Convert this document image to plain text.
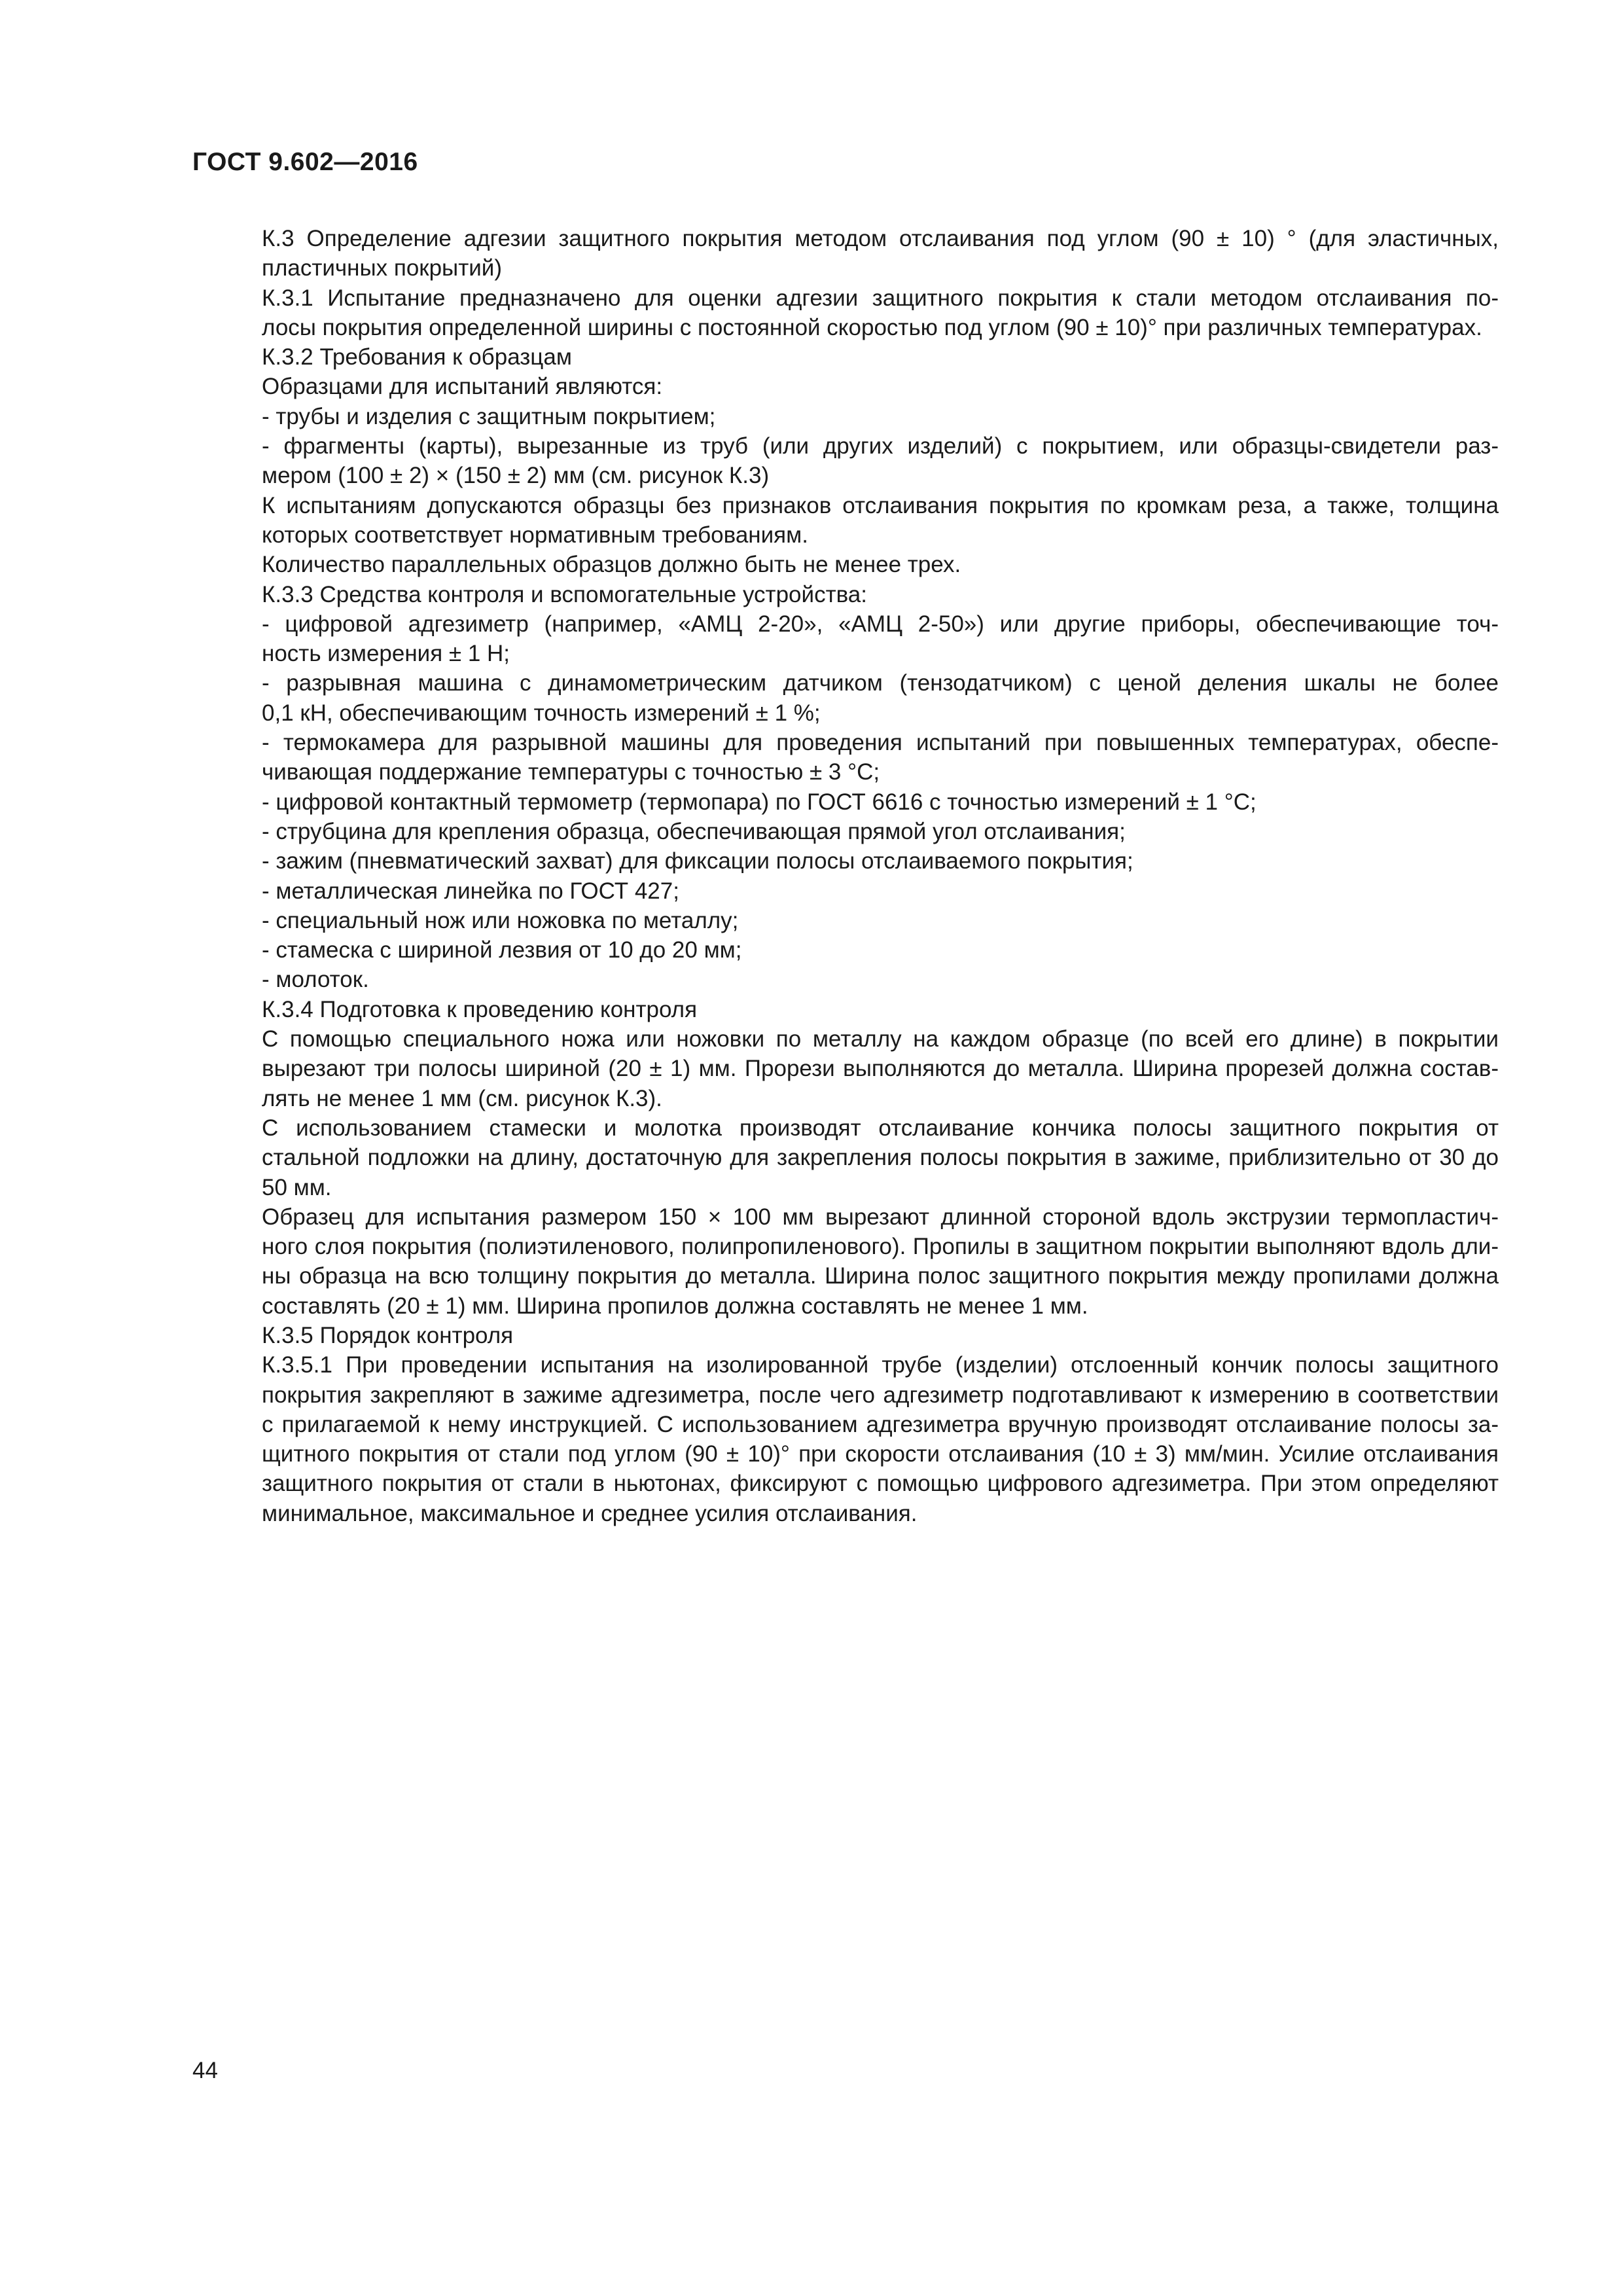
ГОСТ 9.602—2016

К.3 Определение адгезии защитного покрытия методом отслаивания под углом (90 ± 10) ° (для эластичных,
пластичных покрытий)

К.3.1 Испытание предназначено для оценки адгезии защитного покрытия к стали методом отслаивания по-
лосы покрытия определенной ширины с постоянной скоростью под углом (90 ± 10)° при различных температурах.

К.3.2 Требования к образцам

Образцами для испытаний являются:

- трубы и изделия с защитным покрытием;

- фрагменты (карты), вырезанные из труб (или других изделий) с покрытием, или образцы-свидетели раз-
мером (100 ± 2) × (150 ± 2) мм (см. рисунок К.3)

К испытаниям допускаются образцы без признаков отслаивания покрытия по кромкам реза, а также, толщина
которых соответствует нормативным требованиям.

Количество параллельных образцов должно быть не менее трех.

К.3.3 Средства контроля и вспомогательные устройства:

- цифровой адгезиметр (например, «АМЦ 2-20», «АМЦ 2-50») или другие приборы, обеспечивающие точ-
ность измерения ± 1 Н;

- разрывная машина с динамометрическим датчиком (тензодатчиком) с ценой деления шкалы не более
0,1 кН, обеспечивающим точность измерений ± 1 %;

- термокамера для разрывной машины для проведения испытаний при повышенных температурах, обеспе-
чивающая поддержание температуры с точностью ± 3 °С;

- цифровой контактный термометр (термопара) по ГОСТ 6616 с точностью измерений ± 1 °С;

- струбцина для крепления образца, обеспечивающая прямой угол отслаивания;

- зажим (пневматический захват) для фиксации полосы отслаиваемого покрытия;

- металлическая линейка по ГОСТ 427;

- специальный нож или ножовка по металлу;

- стамеска с шириной лезвия от 10 до 20 мм;

- молоток.

К.3.4 Подготовка к проведению контроля

С помощью специального ножа или ножовки по металлу на каждом образце (по всей его длине) в покрытии
вырезают три полосы шириной (20 ± 1) мм. Прорези выполняются до металла. Ширина прорезей должна состав-
лять не менее 1 мм (см. рисунок К.3).

С использованием стамески и молотка производят отслаивание кончика полосы защитного покрытия от
стальной подложки на длину, достаточную для закрепления полосы покрытия в зажиме, приблизительно от 30 до
50 мм.

Образец для испытания размером 150 × 100 мм вырезают длинной стороной вдоль экструзии термопластич-
ного слоя покрытия (полиэтиленового, полипропиленового). Пропилы в защитном покрытии выполняют вдоль дли-
ны образца на всю толщину покрытия до металла. Ширина полос защитного покрытия между пропилами должна
составлять (20 ± 1) мм. Ширина пропилов должна составлять не менее 1 мм.

К.3.5 Порядок контроля

К.3.5.1 При проведении испытания на изолированной трубе (изделии) отслоенный кончик полосы защитного
покрытия закрепляют в зажиме адгезиметра, после чего адгезиметр подготавливают к измерению в соответствии
с прилагаемой к нему инструкцией. С использованием адгезиметра вручную производят отслаивание полосы за-
щитного покрытия от стали под углом (90 ± 10)° при скорости отслаивания (10 ± 3) мм/мин. Усилие отслаивания
защитного покрытия от стали в ньютонах, фиксируют с помощью цифрового адгезиметра. При этом определяют
минимальное, максимальное и среднее усилия отслаивания.

44
